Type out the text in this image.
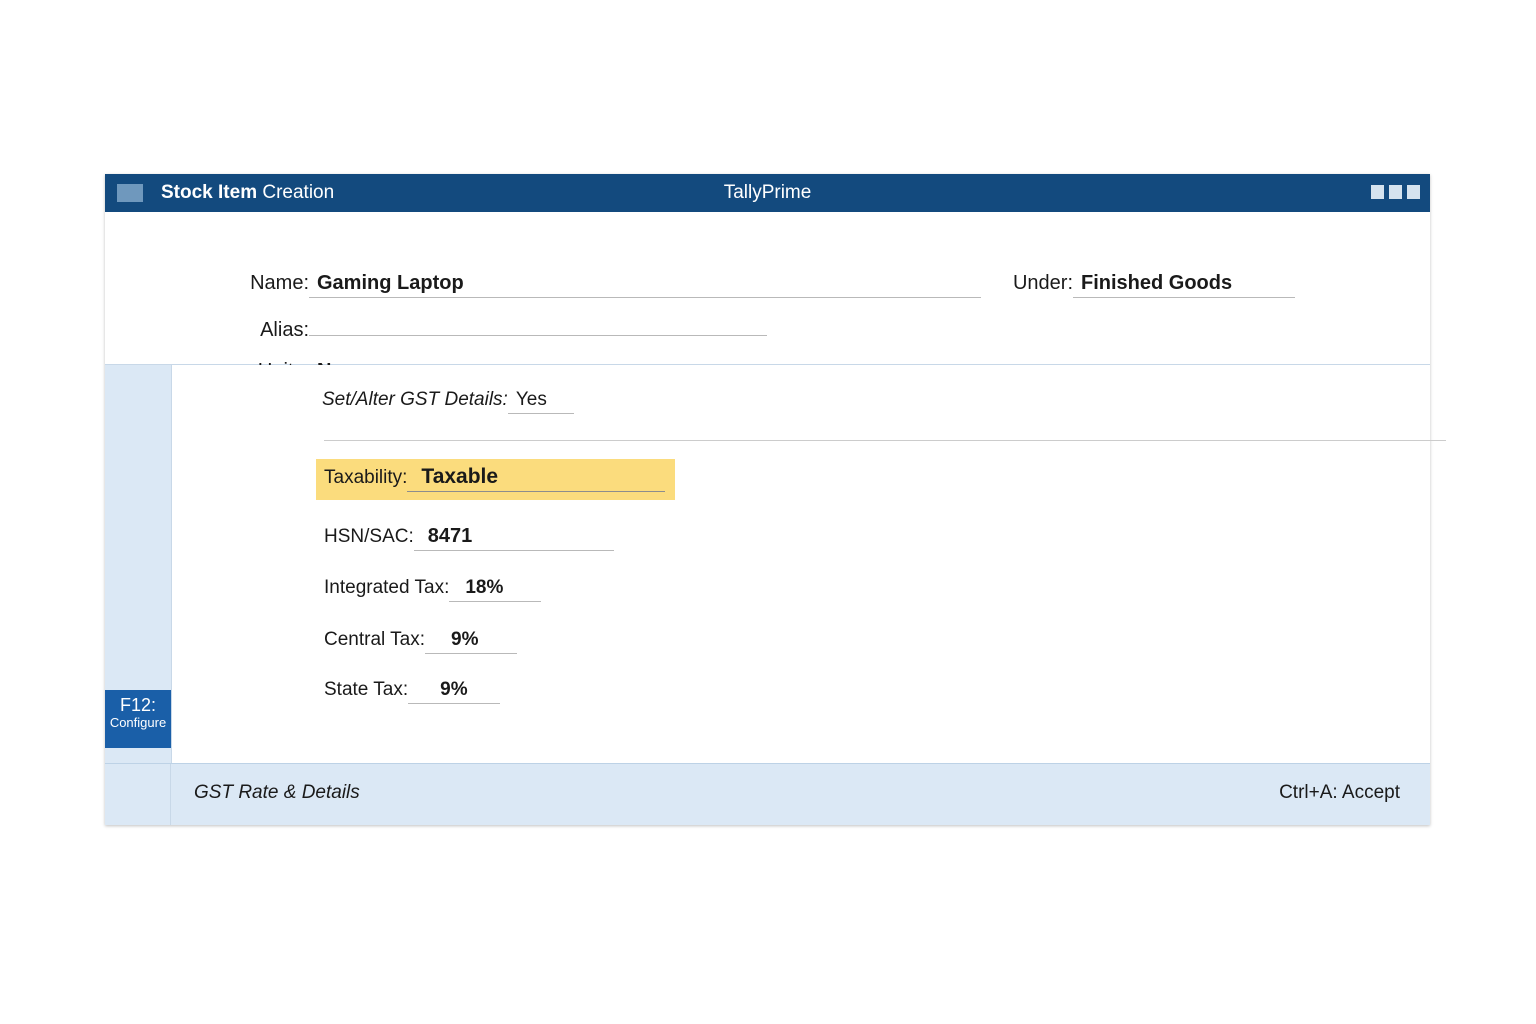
Stock Item Creation	TallyPrime
Name: Gaming Laptop	Under: Finished Goods
Alias:
F12:
Configure
Set/Alter GST Details: Yes
Taxability: Taxable
HSN/SAC: 8471
Integrated Tax: 18%
Central Tax:	9%
State Tax:	9%
GST Rate & Details	Ctrl+A: Accept
